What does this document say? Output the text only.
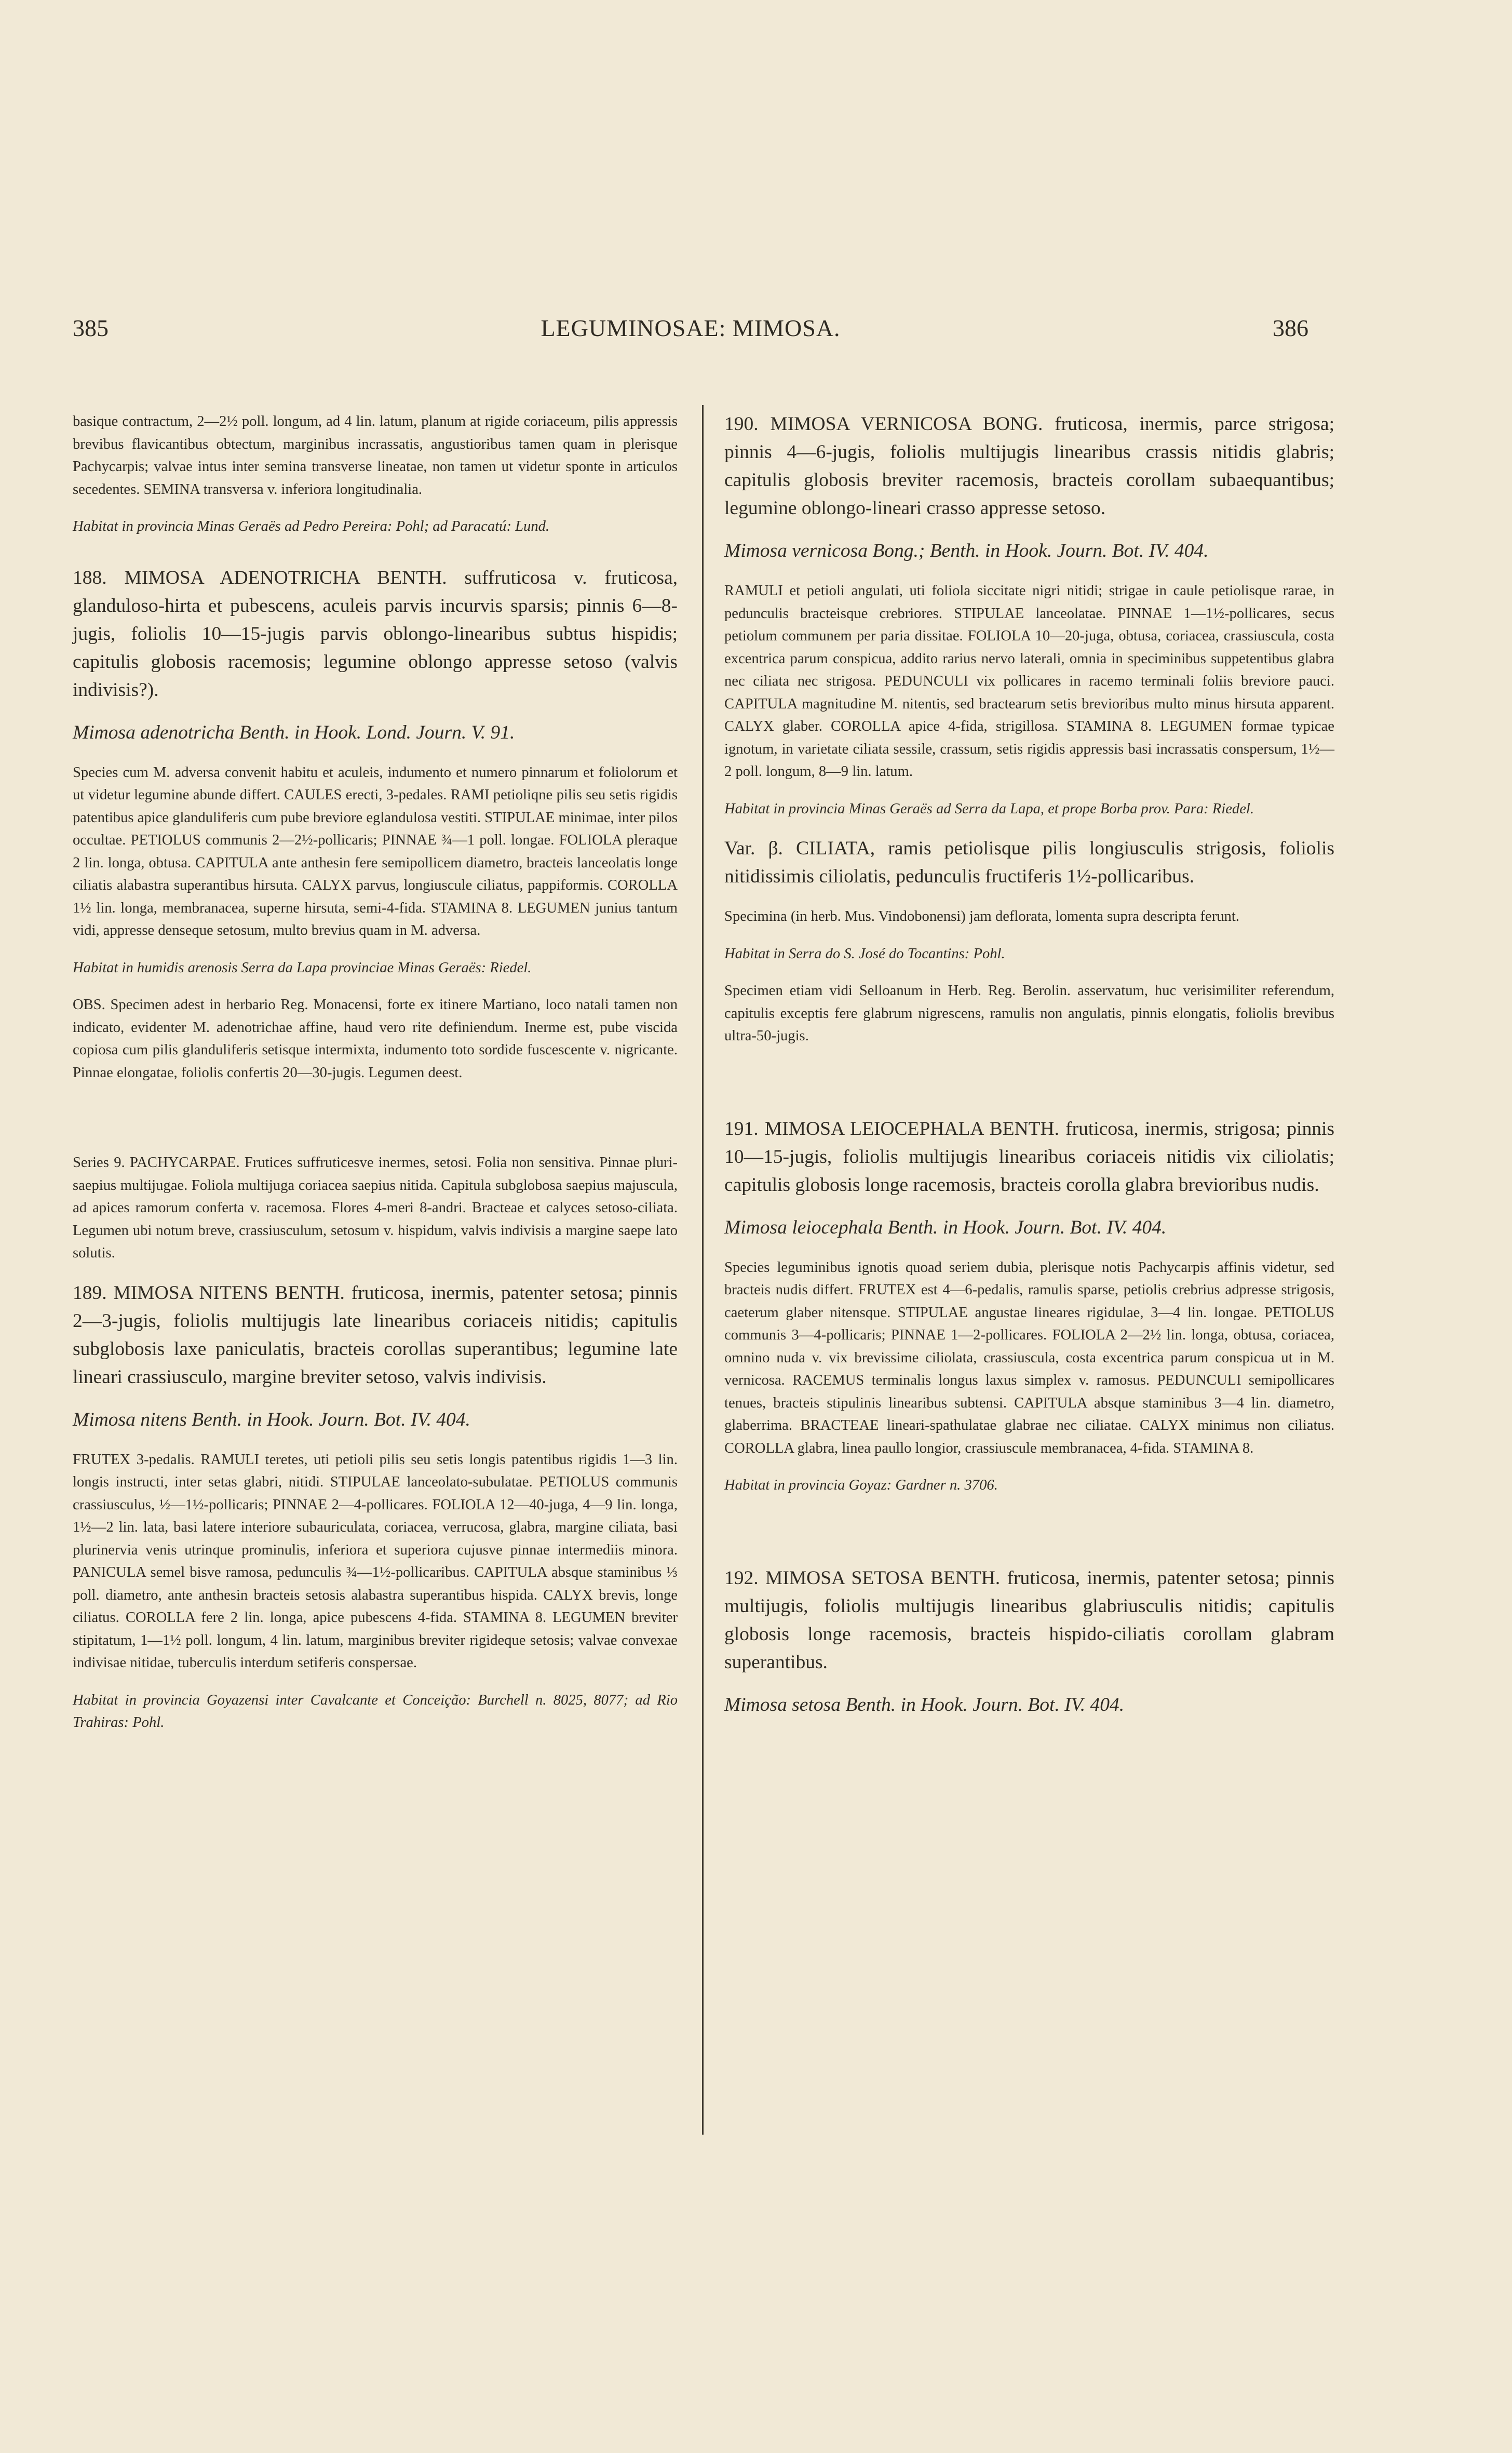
385	LEGUMINOSAE: MIMOSA.	386

basique contractum, 2—2½ poll. longum, ad 4 lin. latum, planum at rigide coriaceum, pilis appressis brevibus flavicantibus obtectum, marginibus incrassatis, angustioribus tamen quam in plerisque Pachycarpis; valvae intus inter semina transverse lineatae, non tamen ut videtur sponte in articulos secedentes. SEMINA transversa v. inferiora longitudinalia.

Habitat in provincia Minas Geraës ad Pedro Pereira: Pohl; ad Paracatú: Lund.

188. MIMOSA ADENOTRICHA BENTH. suffruticosa v. fruticosa, glanduloso-hirta et pubescens, aculeis parvis incurvis sparsis; pinnis 6—8-jugis, foliolis 10—15-jugis parvis oblongo-linearibus subtus hispidis; capitulis globosis racemosis; legumine oblongo appresse setoso (valvis indivisis?).

Mimosa adenotricha Benth. in Hook. Lond. Journ. V. 91.

Species cum M. adversa convenit habitu et aculeis, indumento et numero pinnarum et foliolorum et ut videtur legumine abunde differt. CAULES erecti, 3-pedales. RAMI petioliqne pilis seu setis rigidis patentibus apice glanduliferis cum pube breviore eglandulosa vestiti. STIPULAE minimae, inter pilos occultae. PETIOLUS communis 2—2½-pollicaris; PINNAE ¾—1 poll. longae. FOLIOLA pleraque 2 lin. longa, obtusa. CAPITULA ante anthesin fere semipollicem diametro, bracteis lanceolatis longe ciliatis alabastra superantibus hirsuta. CALYX parvus, longiuscule ciliatus, pappiformis. COROLLA 1½ lin. longa, membranacea, superne hirsuta, semi-4-fida. STAMINA 8. LEGUMEN junius tantum vidi, appresse denseque setosum, multo brevius quam in M. adversa.

Habitat in humidis arenosis Serra da Lapa provinciae Minas Geraës: Riedel.

OBS. Specimen adest in herbario Reg. Monacensi, forte ex itinere Martiano, loco natali tamen non indicato, evidenter M. adenotrichae affine, haud vero rite definiendum. Inerme est, pube viscida copiosa cum pilis glanduliferis setisque intermixta, indumento toto sordide fuscescente v. nigricante. Pinnae elongatae, foliolis confertis 20—30-jugis. Legumen deest.

Series 9. PACHYCARPAE. Frutices suffruticesve inermes, setosi. Folia non sensitiva. Pinnae pluri- saepius multijugae. Foliola multijuga coriacea saepius nitida. Capitula subglobosa saepius majuscula, ad apices ramorum conferta v. racemosa. Flores 4-meri 8-andri. Bracteae et calyces setoso-ciliata. Legumen ubi notum breve, crassiusculum, setosum v. hispidum, valvis indivisis a margine saepe lato solutis.

189. MIMOSA NITENS BENTH. fruticosa, inermis, patenter setosa; pinnis 2—3-jugis, foliolis multijugis late linearibus coriaceis nitidis; capitulis subglobosis laxe paniculatis, bracteis corollas superantibus; legumine late lineari crassiusculo, margine breviter setoso, valvis indivisis.

Mimosa nitens Benth. in Hook. Journ. Bot. IV. 404.

FRUTEX 3-pedalis. RAMULI teretes, uti petioli pilis seu setis longis patentibus rigidis 1—3 lin. longis instructi, inter setas glabri, nitidi. STIPULAE lanceolato-subulatae. PETIOLUS communis crassiusculus, ½—1½-pollicaris; PINNAE 2—4-pollicares. FOLIOLA 12—40-juga, 4—9 lin. longa, 1½—2 lin. lata, basi latere interiore subauriculata, coriacea, verrucosa, glabra, margine ciliata, basi plurinervia venis utrinque prominulis, inferiora et superiora cujusve pinnae intermediis minora. PANICULA semel bisve ramosa, pedunculis ¾—1½-pollicaribus. CAPITULA absque staminibus ⅓ poll. diametro, ante anthesin bracteis setosis alabastra superantibus hispida. CALYX brevis, longe ciliatus. COROLLA fere 2 lin. longa, apice pubescens 4-fida. STAMINA 8. LEGUMEN breviter stipitatum, 1—1½ poll. longum, 4 lin. latum, marginibus breviter rigideque setosis; valvae convexae indivisae nitidae, tuberculis interdum setiferis conspersae.

Habitat in provincia Goyazensi inter Cavalcante et Conceição: Burchell n. 8025, 8077; ad Rio Trahiras: Pohl.

190. MIMOSA VERNICOSA BONG. fruticosa, inermis, parce strigosa; pinnis 4—6-jugis, foliolis multijugis linearibus crassis nitidis glabris; capitulis globosis breviter racemosis, bracteis corollam subaequantibus; legumine oblongo-lineari crasso appresse setoso.

Mimosa vernicosa Bong.; Benth. in Hook. Journ. Bot. IV. 404.

RAMULI et petioli angulati, uti foliola siccitate nigri nitidi; strigae in caule petiolisque rarae, in pedunculis bracteisque crebriores. STIPULAE lanceolatae. PINNAE 1—1½-pollicares, secus petiolum communem per paria dissitae. FOLIOLA 10—20-juga, obtusa, coriacea, crassiuscula, costa excentrica parum conspicua, addito rarius nervo laterali, omnia in speciminibus suppetentibus glabra nec ciliata nec strigosa. PEDUNCULI vix pollicares in racemo terminali foliis breviore pauci. CAPITULA magnitudine M. nitentis, sed bractearum setis brevioribus multo minus hirsuta apparent. CALYX glaber. COROLLA apice 4-fida, strigillosa. STAMINA 8. LEGUMEN formae typicae ignotum, in varietate ciliata sessile, crassum, setis rigidis appressis basi incrassatis conspersum, 1½—2 poll. longum, 8—9 lin. latum.

Habitat in provincia Minas Geraës ad Serra da Lapa, et prope Borba prov. Para: Riedel.

Var. β. CILIATA, ramis petiolisque pilis longiusculis strigosis, foliolis nitidissimis ciliolatis, pedunculis fructiferis 1½-pollicaribus.

Specimina (in herb. Mus. Vindobonensi) jam deflorata, lomenta supra descripta ferunt.

Habitat in Serra do S. José do Tocantins: Pohl.

Specimen etiam vidi Selloanum in Herb. Reg. Berolin. asservatum, huc verisimiliter referendum, capitulis exceptis fere glabrum nigrescens, ramulis non angulatis, pinnis elongatis, foliolis brevibus ultra-50-jugis.

191. MIMOSA LEIOCEPHALA BENTH. fruticosa, inermis, strigosa; pinnis 10—15-jugis, foliolis multijugis linearibus coriaceis nitidis vix ciliolatis; capitulis globosis longe racemosis, bracteis corolla glabra brevioribus nudis.

Mimosa leiocephala Benth. in Hook. Journ. Bot. IV. 404.

Species leguminibus ignotis quoad seriem dubia, plerisque notis Pachycarpis affinis videtur, sed bracteis nudis differt. FRUTEX est 4—6-pedalis, ramulis sparse, petiolis crebrius adpresse strigosis, caeterum glaber nitensque. STIPULAE angustae lineares rigidulae, 3—4 lin. longae. PETIOLUS communis 3—4-pollicaris; PINNAE 1—2-pollicares. FOLIOLA 2—2½ lin. longa, obtusa, coriacea, omnino nuda v. vix brevissime ciliolata, crassiuscula, costa excentrica parum conspicua ut in M. vernicosa. RACEMUS terminalis longus laxus simplex v. ramosus. PEDUNCULI semipollicares tenues, bracteis stipulinis linearibus subtensi. CAPITULA absque staminibus 3—4 lin. diametro, glaberrima. BRACTEAE lineari-spathulatae glabrae nec ciliatae. CALYX minimus non ciliatus. COROLLA glabra, linea paullo longior, crassiuscule membranacea, 4-fida. STAMINA 8.

Habitat in provincia Goyaz: Gardner n. 3706.

192. MIMOSA SETOSA BENTH. fruticosa, inermis, patenter setosa; pinnis multijugis, foliolis multijugis linearibus glabriusculis nitidis; capitulis globosis longe racemosis, bracteis hispido-ciliatis corollam glabram superantibus.

Mimosa setosa Benth. in Hook. Journ. Bot. IV. 404.
